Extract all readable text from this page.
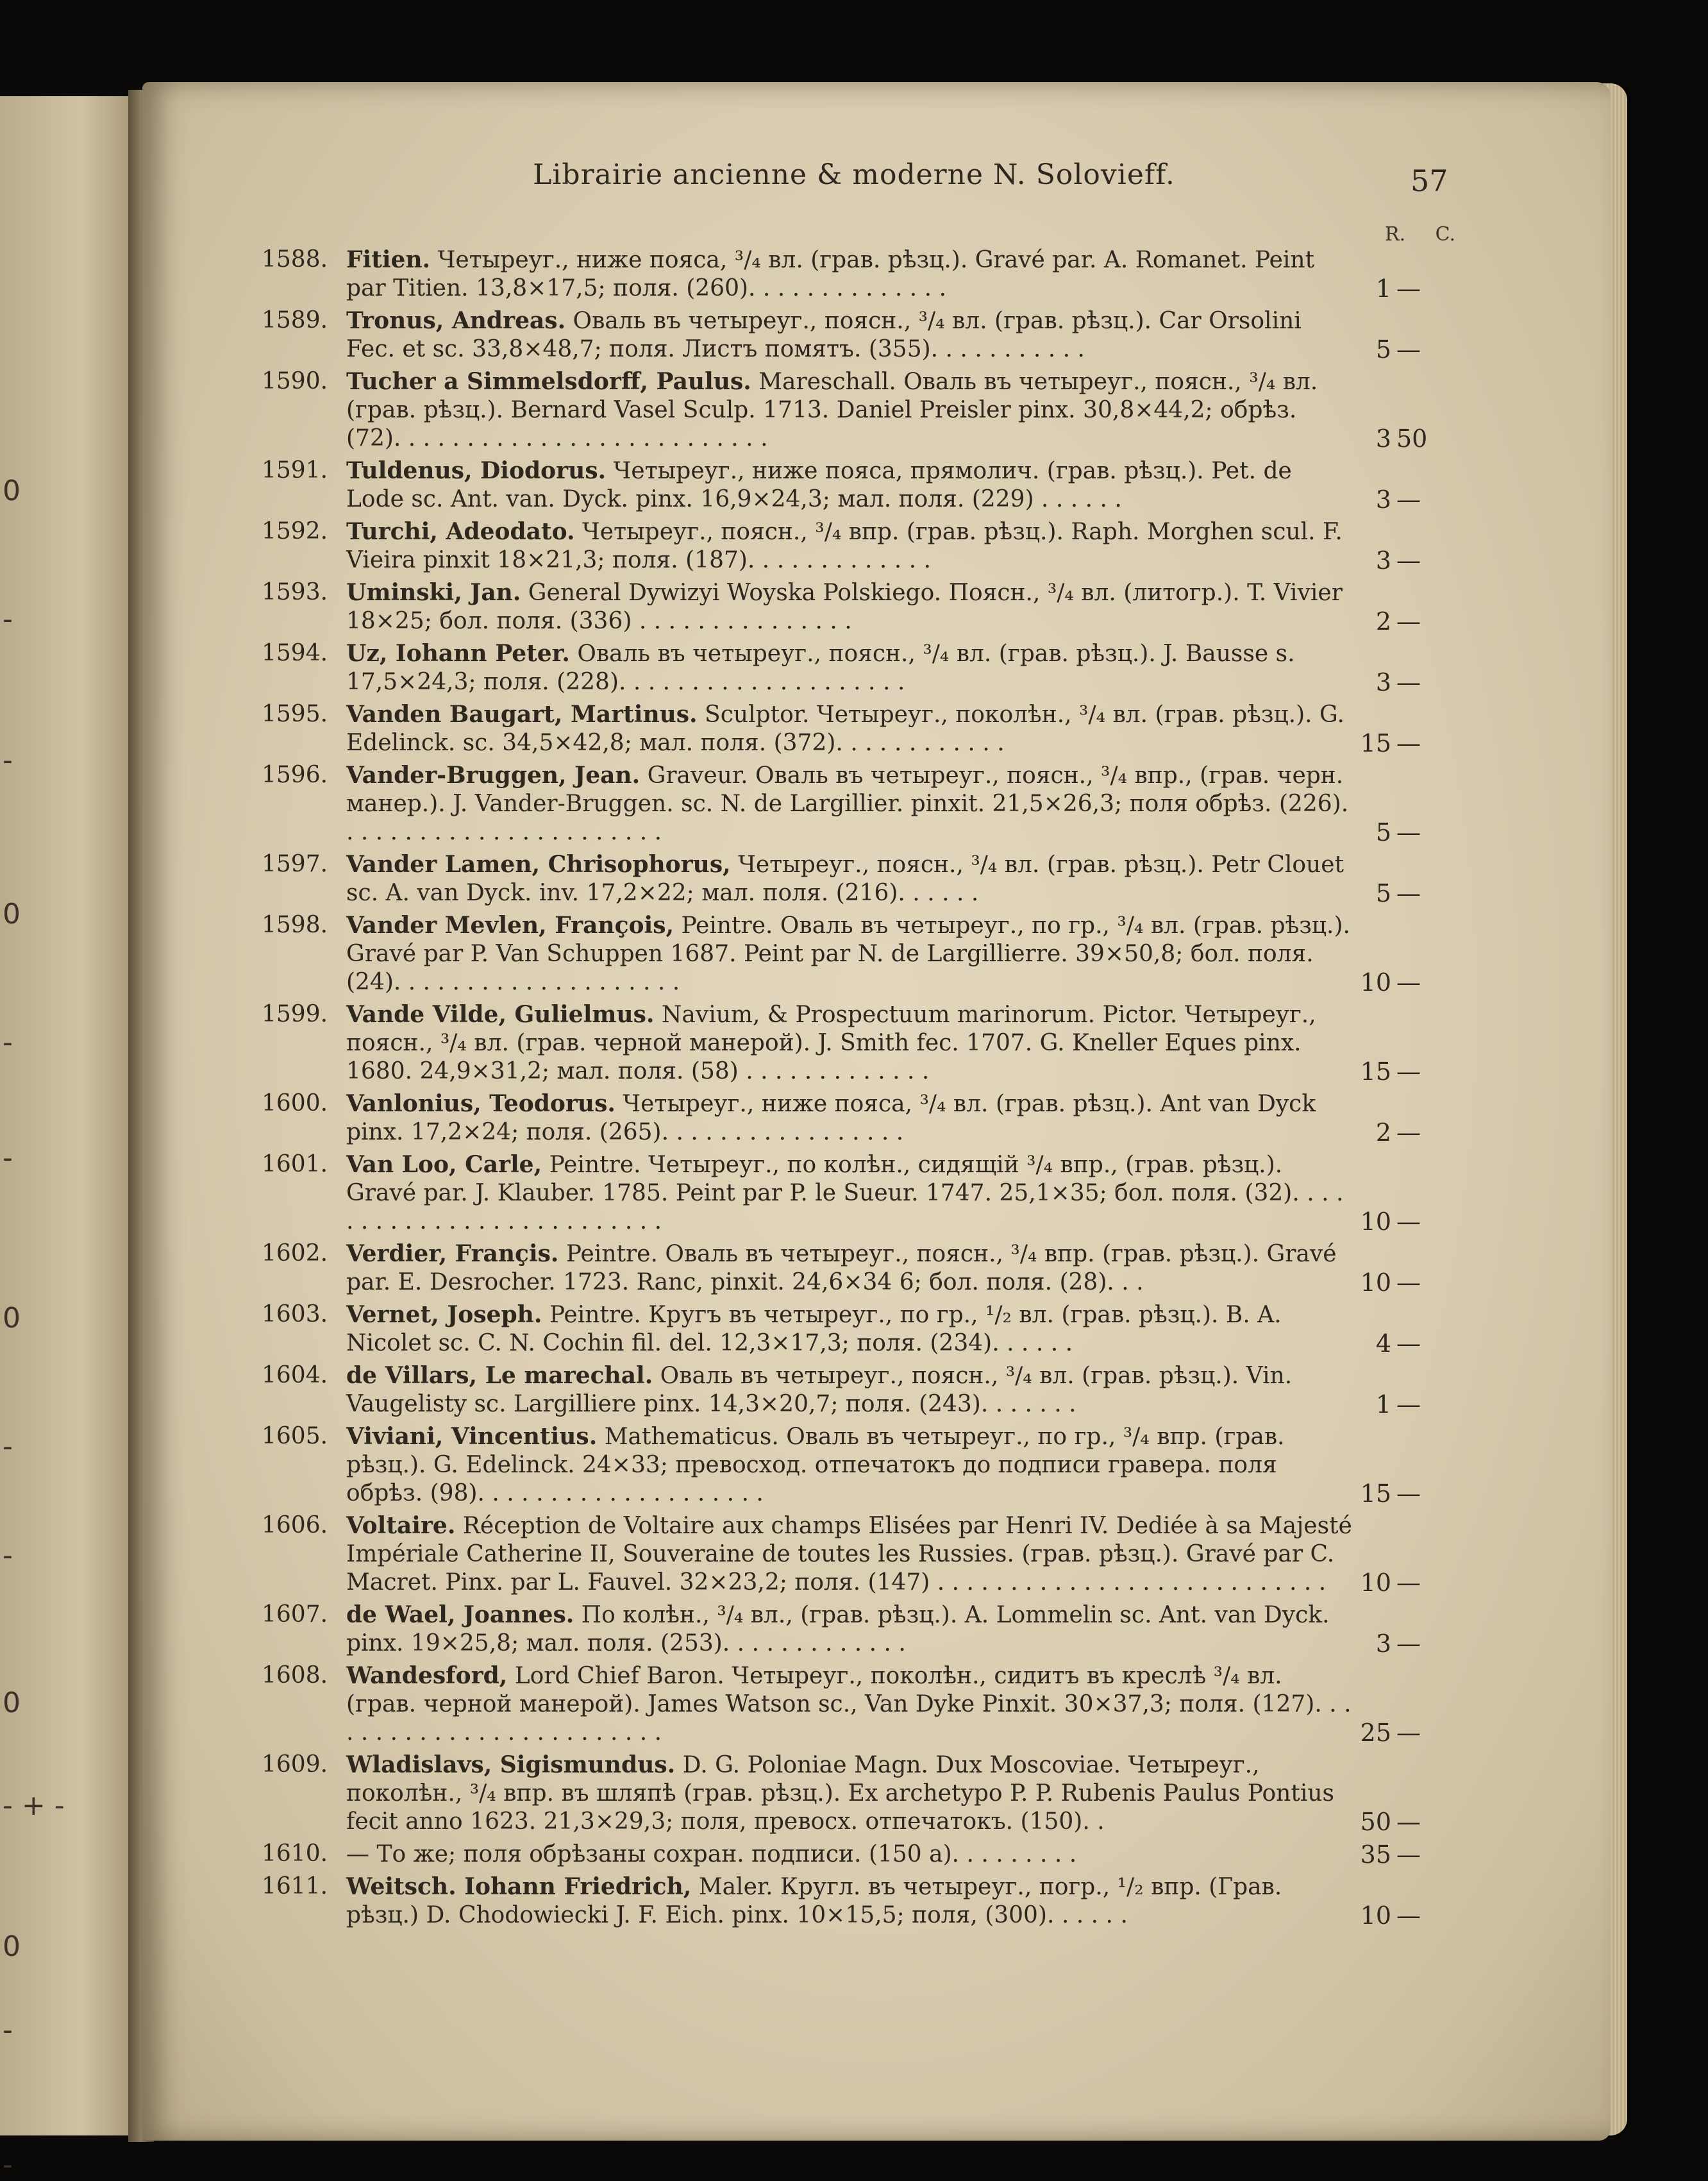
0
-
-
0
-
-
0
-
-
0
- + -
0
-
-
Librairie ancienne & moderne N. Solovieff.	57
R. C.
1588. Fitien. Четыреуг., ниже пояса, ³/₄ вл. (грав. рѣзц.). Gravé par. A. Romanet. Peint par Titien. 13,8×17,5; поля. (260). . . . . . . . . . . . . .	1 —
1589. Tronus, Andreas. Оваль въ четыреуг., поясн., ³/₄ вл. (грав. рѣзц.). Car Orsolini Fec. et sc. 33,8×48,7; поля. Листъ помятъ. (355). . . . . . . . . . .	5 —
1590. Tucher a Simmelsdorff, Paulus. Mareschall. Оваль въ четыреуг., поясн., ³/₄ вл. (грав. рѣзц.). Bernard Vasel Sculp. 1713. Daniel Preisler pinx. 30,8×44,2; обрѣз. (72). . . . . . . . . . . . . . . . . . . . . . . . . .	3 50
1591. Tuldenus, Diodorus. Четыреуг., ниже пояса, прямолич. (грав. рѣзц.). Pet. de Lode sc. Ant. van. Dyck. pinx. 16,9×24,3; мал. поля. (229) . . . . . .	3 —
1592. Turchi, Adeodato. Четыреуг., поясн., ³/₄ впр. (грав. рѣзц.). Raph. Morghen scul. F. Vieira pinxit 18×21,3; поля. (187). . . . . . . . . . . . .	3 —
1593. Uminski, Jan. General Dywizyi Woyska Polskiego. Поясн., ³/₄ вл. (литогр.). T. Vivier 18×25; бол. поля. (336) . . . . . . . . . . . . . . .	2 —
1594. Uz, Iohann Peter. Оваль въ четыреуг., поясн., ³/₄ вл. (грав. рѣзц.). J. Bausse s. 17,5×24,3; поля. (228). . . . . . . . . . . . . . . . . . . .	3 —
1595. Vanden Baugart, Martinus. Sculptor. Четыреуг., поколѣн., ³/₄ вл. (грав. рѣзц.). G. Edelinck. sc. 34,5×42,8; мал. поля. (372). . . . . . . . . . . .	15 —
1596. Vander-Bruggen, Jean. Graveur. Оваль въ четыреуг., поясн., ³/₄ впр., (грав. черн. манер.). J. Vander-Bruggen. sc. N. de Largillier. pinxit. 21,5×26,3; поля обрѣз. (226). . . . . . . . . . . . . . . . . . . . . . .	5 —
1597. Vander Lamen, Chrisophorus, Четыреуг., поясн., ³/₄ вл. (грав. рѣзц.). Petr Clouet sc. A. van Dyck. inv. 17,2×22; мал. поля. (216). . . . . .	5 —
1598. Vander Mevlen, François, Peintre. Оваль въ четыреуг., по гр., ³/₄ вл. (грав. рѣзц.). Gravé par P. Van Schuppen 1687. Peint par N. de Largillierre. 39×50,8; бол. поля. (24). . . . . . . . . . . . . . . . . . . .	10 —
1599. Vande Vilde, Gulielmus. Navium, & Prospectuum marinorum. Pictor. Четыреуг., поясн., ³/₄ вл. (грав. черной манерой). J. Smith fec. 1707. G. Kneller Eques pinx. 1680. 24,9×31,2; мал. поля. (58) . . . . . . . . . . . . .	15 —
1600. Vanlonius, Teodorus. Четыреуг., ниже пояса, ³/₄ вл. (грав. рѣзц.). Ant van Dyck pinx. 17,2×24; поля. (265). . . . . . . . . . . . . . . . .	2 —
1601. Van Loo, Carle, Peintre. Четыреуг., по колѣн., сидящій ³/₄ впр., (грав. рѣзц.). Gravé par. J. Klauber. 1785. Peint par P. le Sueur. 1747. 25,1×35; бол. поля. (32). . . . . . . . . . . . . . . . . . . . . . . . . .	10 —
1602. Verdier, Françis. Peintre. Оваль въ четыреуг., поясн., ³/₄ впр. (грав. рѣзц.). Gravé par. E. Desrocher. 1723. Ranc, pinxit. 24,6×34 6; бол. поля. (28). . .	10 —
1603. Vernet, Joseph. Peintre. Кругъ въ четыреуг., по гр., ¹/₂ вл. (грав. рѣзц.). B. A. Nicolet sc. C. N. Cochin fil. del. 12,3×17,3; поля. (234). . . . . .	4 —
1604. de Villars, Le marechal. Оваль въ четыреуг., поясн., ³/₄ вл. (грав. рѣзц.). Vin. Vaugelisty sc. Largilliere pinx. 14,3×20,7; поля. (243). . . . . . .	1 —
1605. Viviani, Vincentius. Mathematicus. Оваль въ четыреуг., по гр., ³/₄ впр. (грав. рѣзц.). G. Edelinck. 24×33; превосход. отпечатокъ до подписи гравера. поля обрѣз. (98). . . . . . . . . . . . . . . . . . . .	15 —
1606. Voltaire. Réception de Voltaire aux champs Elisées par Henri IV. Dediée à sa Majesté Impériale Catherine II, Souveraine de toutes les Russies. (грав. рѣзц.). Gravé par C. Macret. Pinx. par L. Fauvel. 32×23,2; поля. (147) . . . . . . . . . . . . . . . . . . . . . . . . . . .	10 —
1607. de Wael, Joannes. По колѣн., ³/₄ вл., (грав. рѣзц.). A. Lommelin sc. Ant. van Dyck. pinx. 19×25,8; мал. поля. (253). . . . . . . . . . . . .	3 —
1608. Wandesford, Lord Chief Baron. Четыреуг., поколѣн., сидитъ въ креслѣ ³/₄ вл. (грав. черной манерой). James Watson sc., Van Dyke Pinxit. 30×37,3; поля. (127). . . . . . . . . . . . . . . . . . . . . . . . .	25 —
1609. Wladislavs, Sigismundus. D. G. Poloniae Magn. Dux Moscoviae. Четыреуг., поколѣн., ³/₄ впр. въ шляпѣ (грав. рѣзц.). Ex archetypo P. P. Rubenis Paulus Pontius fecit anno 1623. 21,3×29,3; поля, превосх. отпечатокъ. (150). .	50 —
1610. — То же; поля обрѣзаны сохран. подписи. (150 а). . . . . . . . .	35 —
1611. Weitsch. Iohann Friedrich, Maler. Кругл. въ четыреуг., погр., ¹/₂ впр. (Грав. рѣзц.) D. Chodowiecki J. F. Eich. pinx. 10×15,5; поля, (300). . . . . .	10 —
